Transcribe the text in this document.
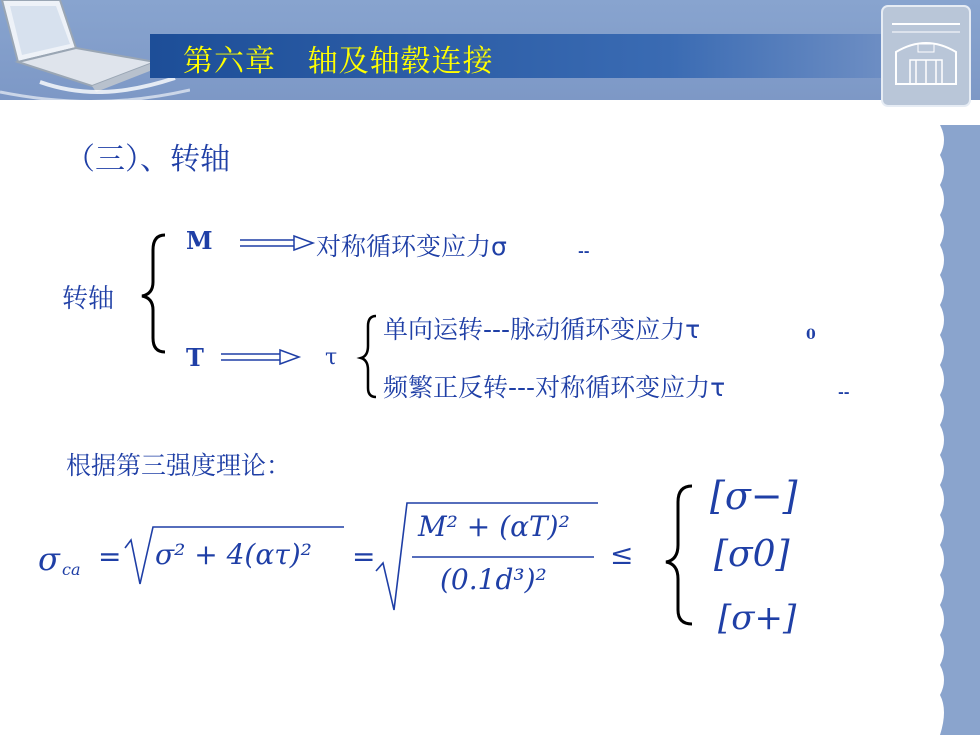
第六章   轴及轴毂连接
（三）、转轴
转轴
M	对称循环变应力σ	--
T	τ
单向运转---脉动循环变应力τ	0
频繁正反转---对称循环变应力τ	--
根据第三强度理论：
σ ca = σ² + 4(ατ)² =
M² + (αT)²
(0.1d³)²
≤
[σ−]
[σ0]
[σ+]
